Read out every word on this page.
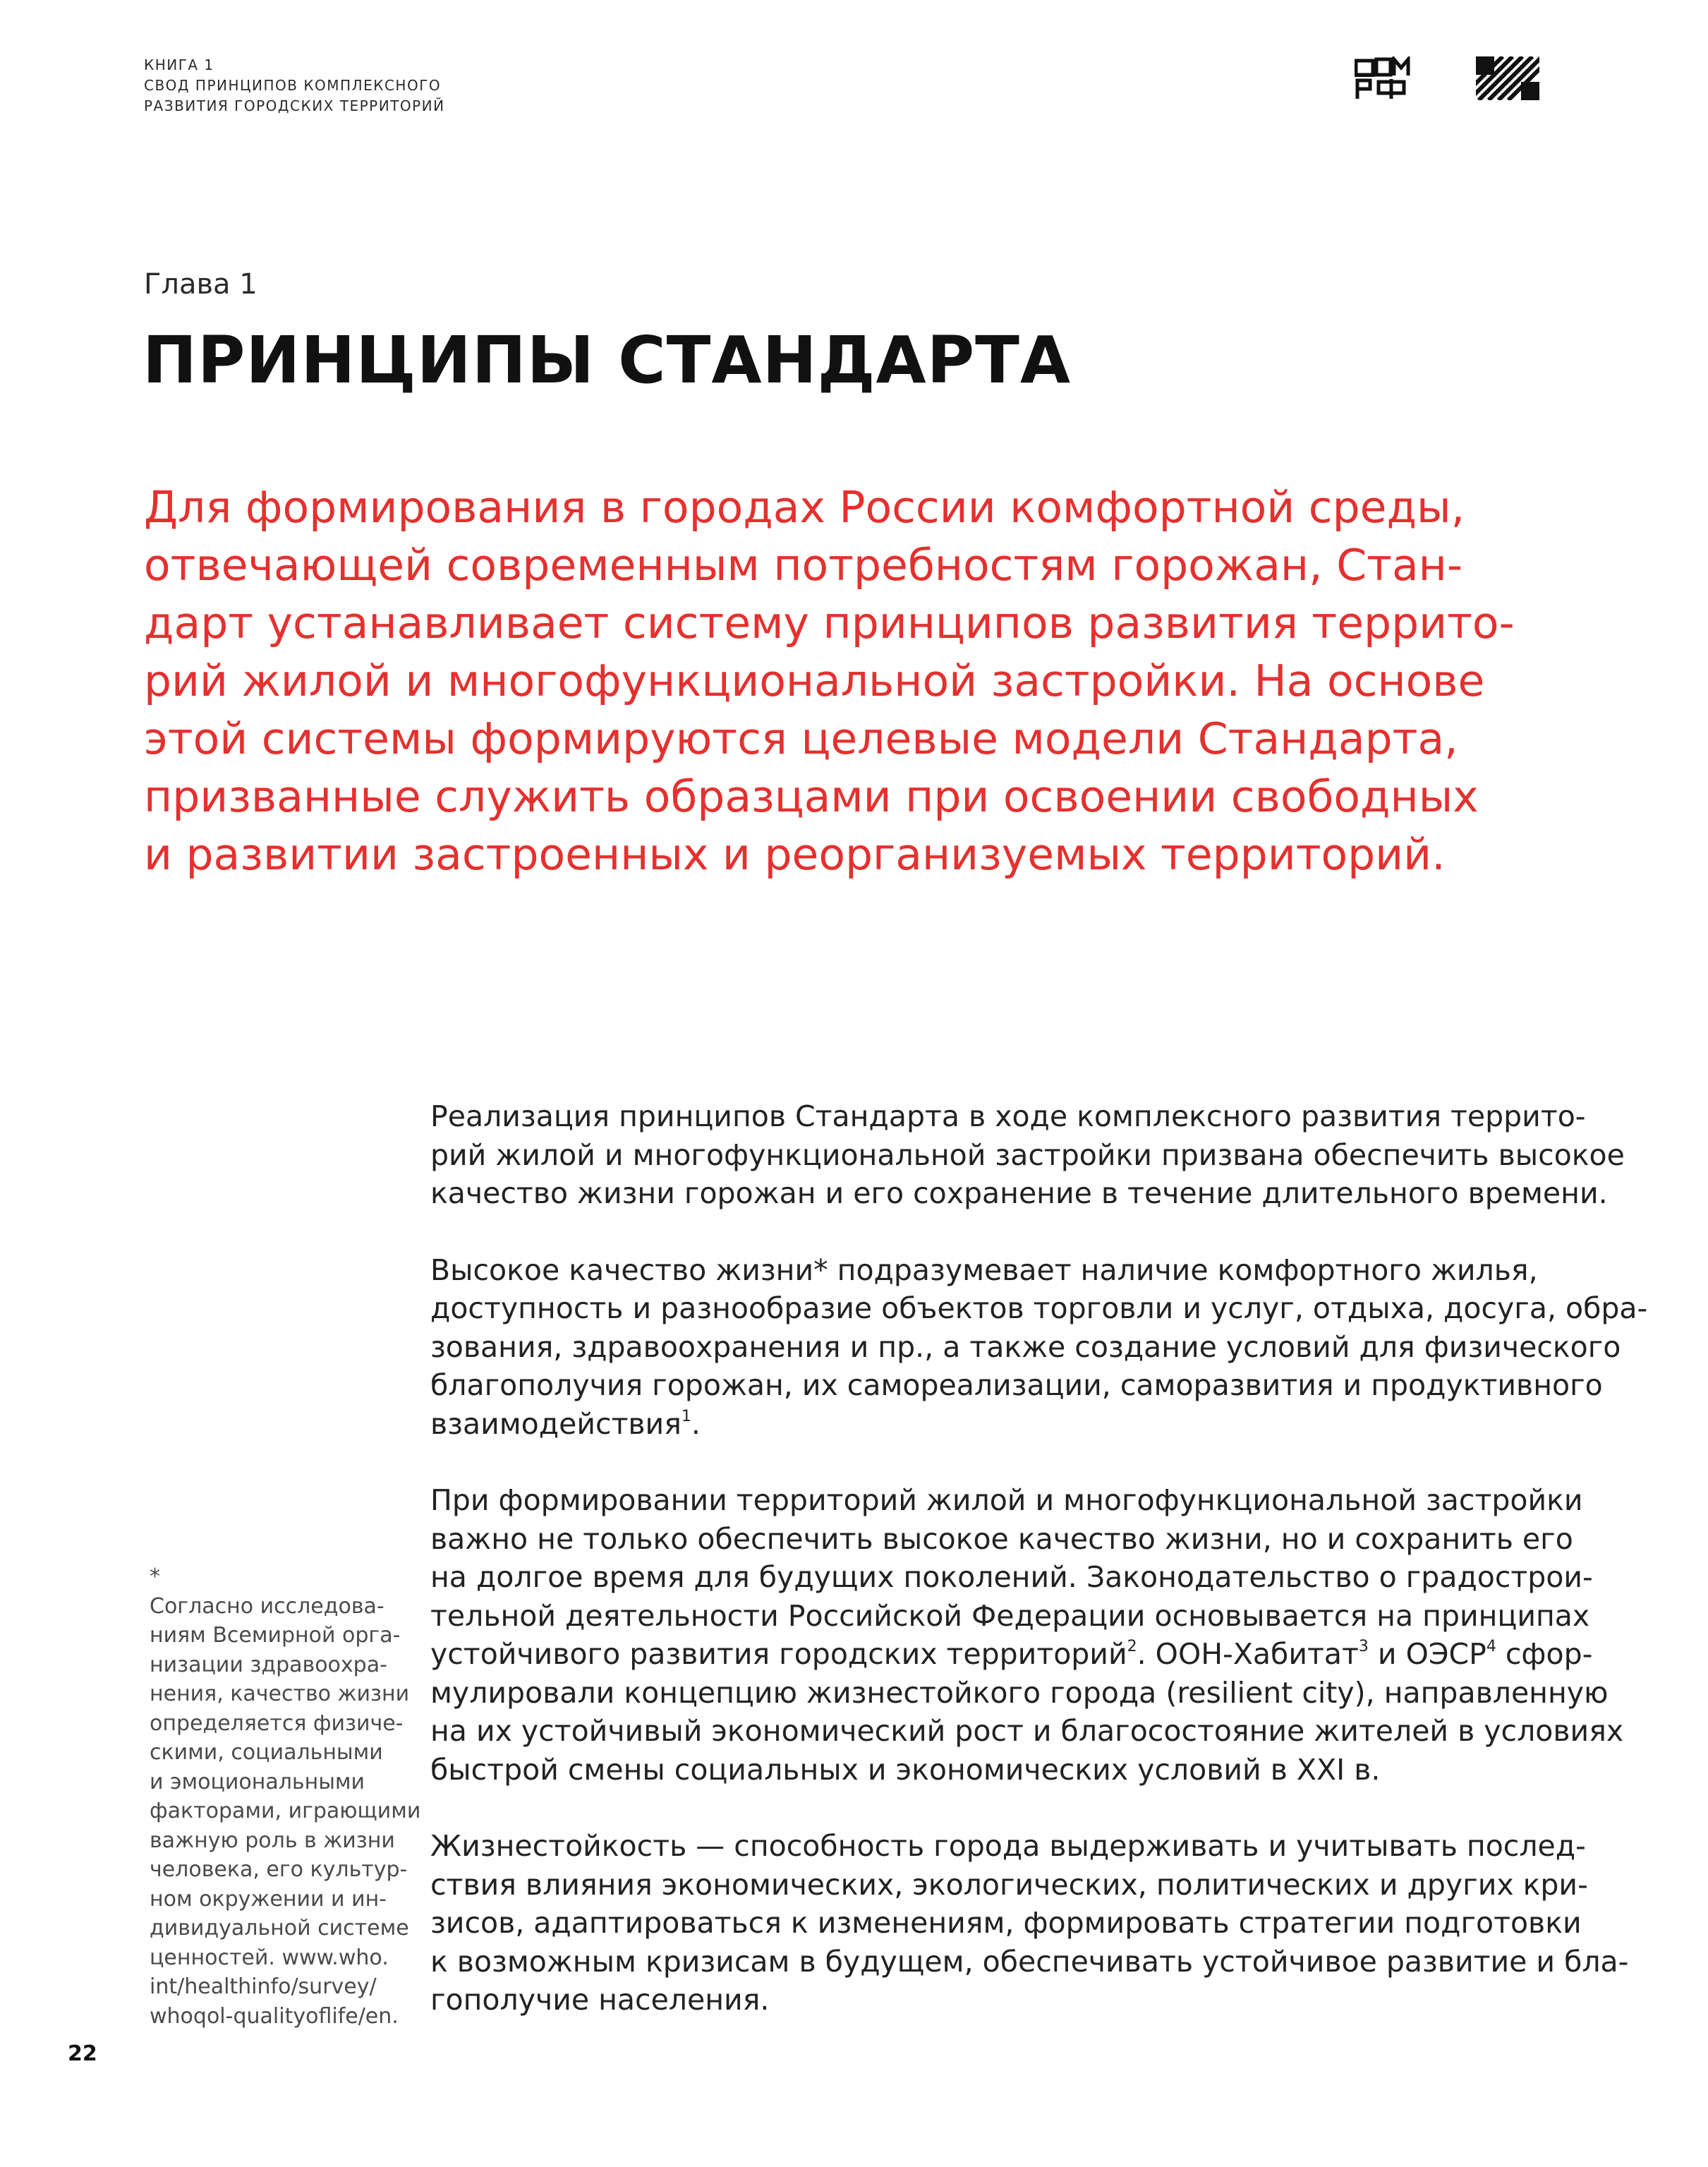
КНИГА 1
СВОД ПРИНЦИПОВ КОМПЛЕКСНОГО
РАЗВИТИЯ ГОРОДСКИХ ТЕРРИТОРИЙ
Глава 1
ПРИНЦИПЫ СТАНДАРТА
Для формирования в городах России комфортной среды,
отвечающей современным потребностям горожан, Стан-
дарт устанавливает систему принципов развития террито-
рий жилой и многофункциональной застройки. На основе
этой системы формируются целевые модели Стандарта,
призванные служить образцами при освоении свободных
и развитии застроенных и реорганизуемых территорий.

Реализация принципов Стандарта в ходе комплексного развития террито-
рий жилой и многофункциональной застройки призвана обеспечить высокое
качество жизни горожан и его сохранение в течение длительного времени.

Высокое качество жизни* подразумевает наличие комфортного жилья,
доступность и разнообразие объектов торговли и услуг, отдыха, досуга, обра-
зования, здравоохранения и пр., а также создание условий для физического
благополучия горожан, их самореализации, саморазвития и продуктивного
взаимодействия$^1$.

При формировании территорий жилой и многофункциональной застройки
важно не только обеспечить высокое качество жизни, но и сохранить его
на долгое время для будущих поколений. Законодательство о градострои-
тельной деятельности Российской Федерации основывается на принципах
устойчивого развития городских территорий$^2$. ООН-Хабитат$^3$ и ОЭСР$^4$ сфор-
мулировали концепцию жизнестойкого города (resilient city), направленную
на их устойчивый экономический рост и благосостояние жителей в условиях
быстрой смены социальных и экономических условий в XXI в.

Жизнестойкость — способность города выдерживать и учитывать послед-
ствия влияния экономических, экологических, политических и других кри-
зисов, адаптироваться к изменениям, формировать стратегии подготовки
к возможным кризисам в будущем, обеспечивать устойчивое развитие и бла-
гополучие населения.

*
Согласно исследова-
ниям Всемирной орга-
низации здравоохра-
нения, качество жизни
определяется физиче-
скими, социальными
и эмоциональными
факторами, играющими
важную роль в жизни
человека, его культур-
ном окружении и ин-
дивидуальной системе
ценностей. www.who.
int/healthinfo/survey/
whoqol-qualityoflife/en.
22
